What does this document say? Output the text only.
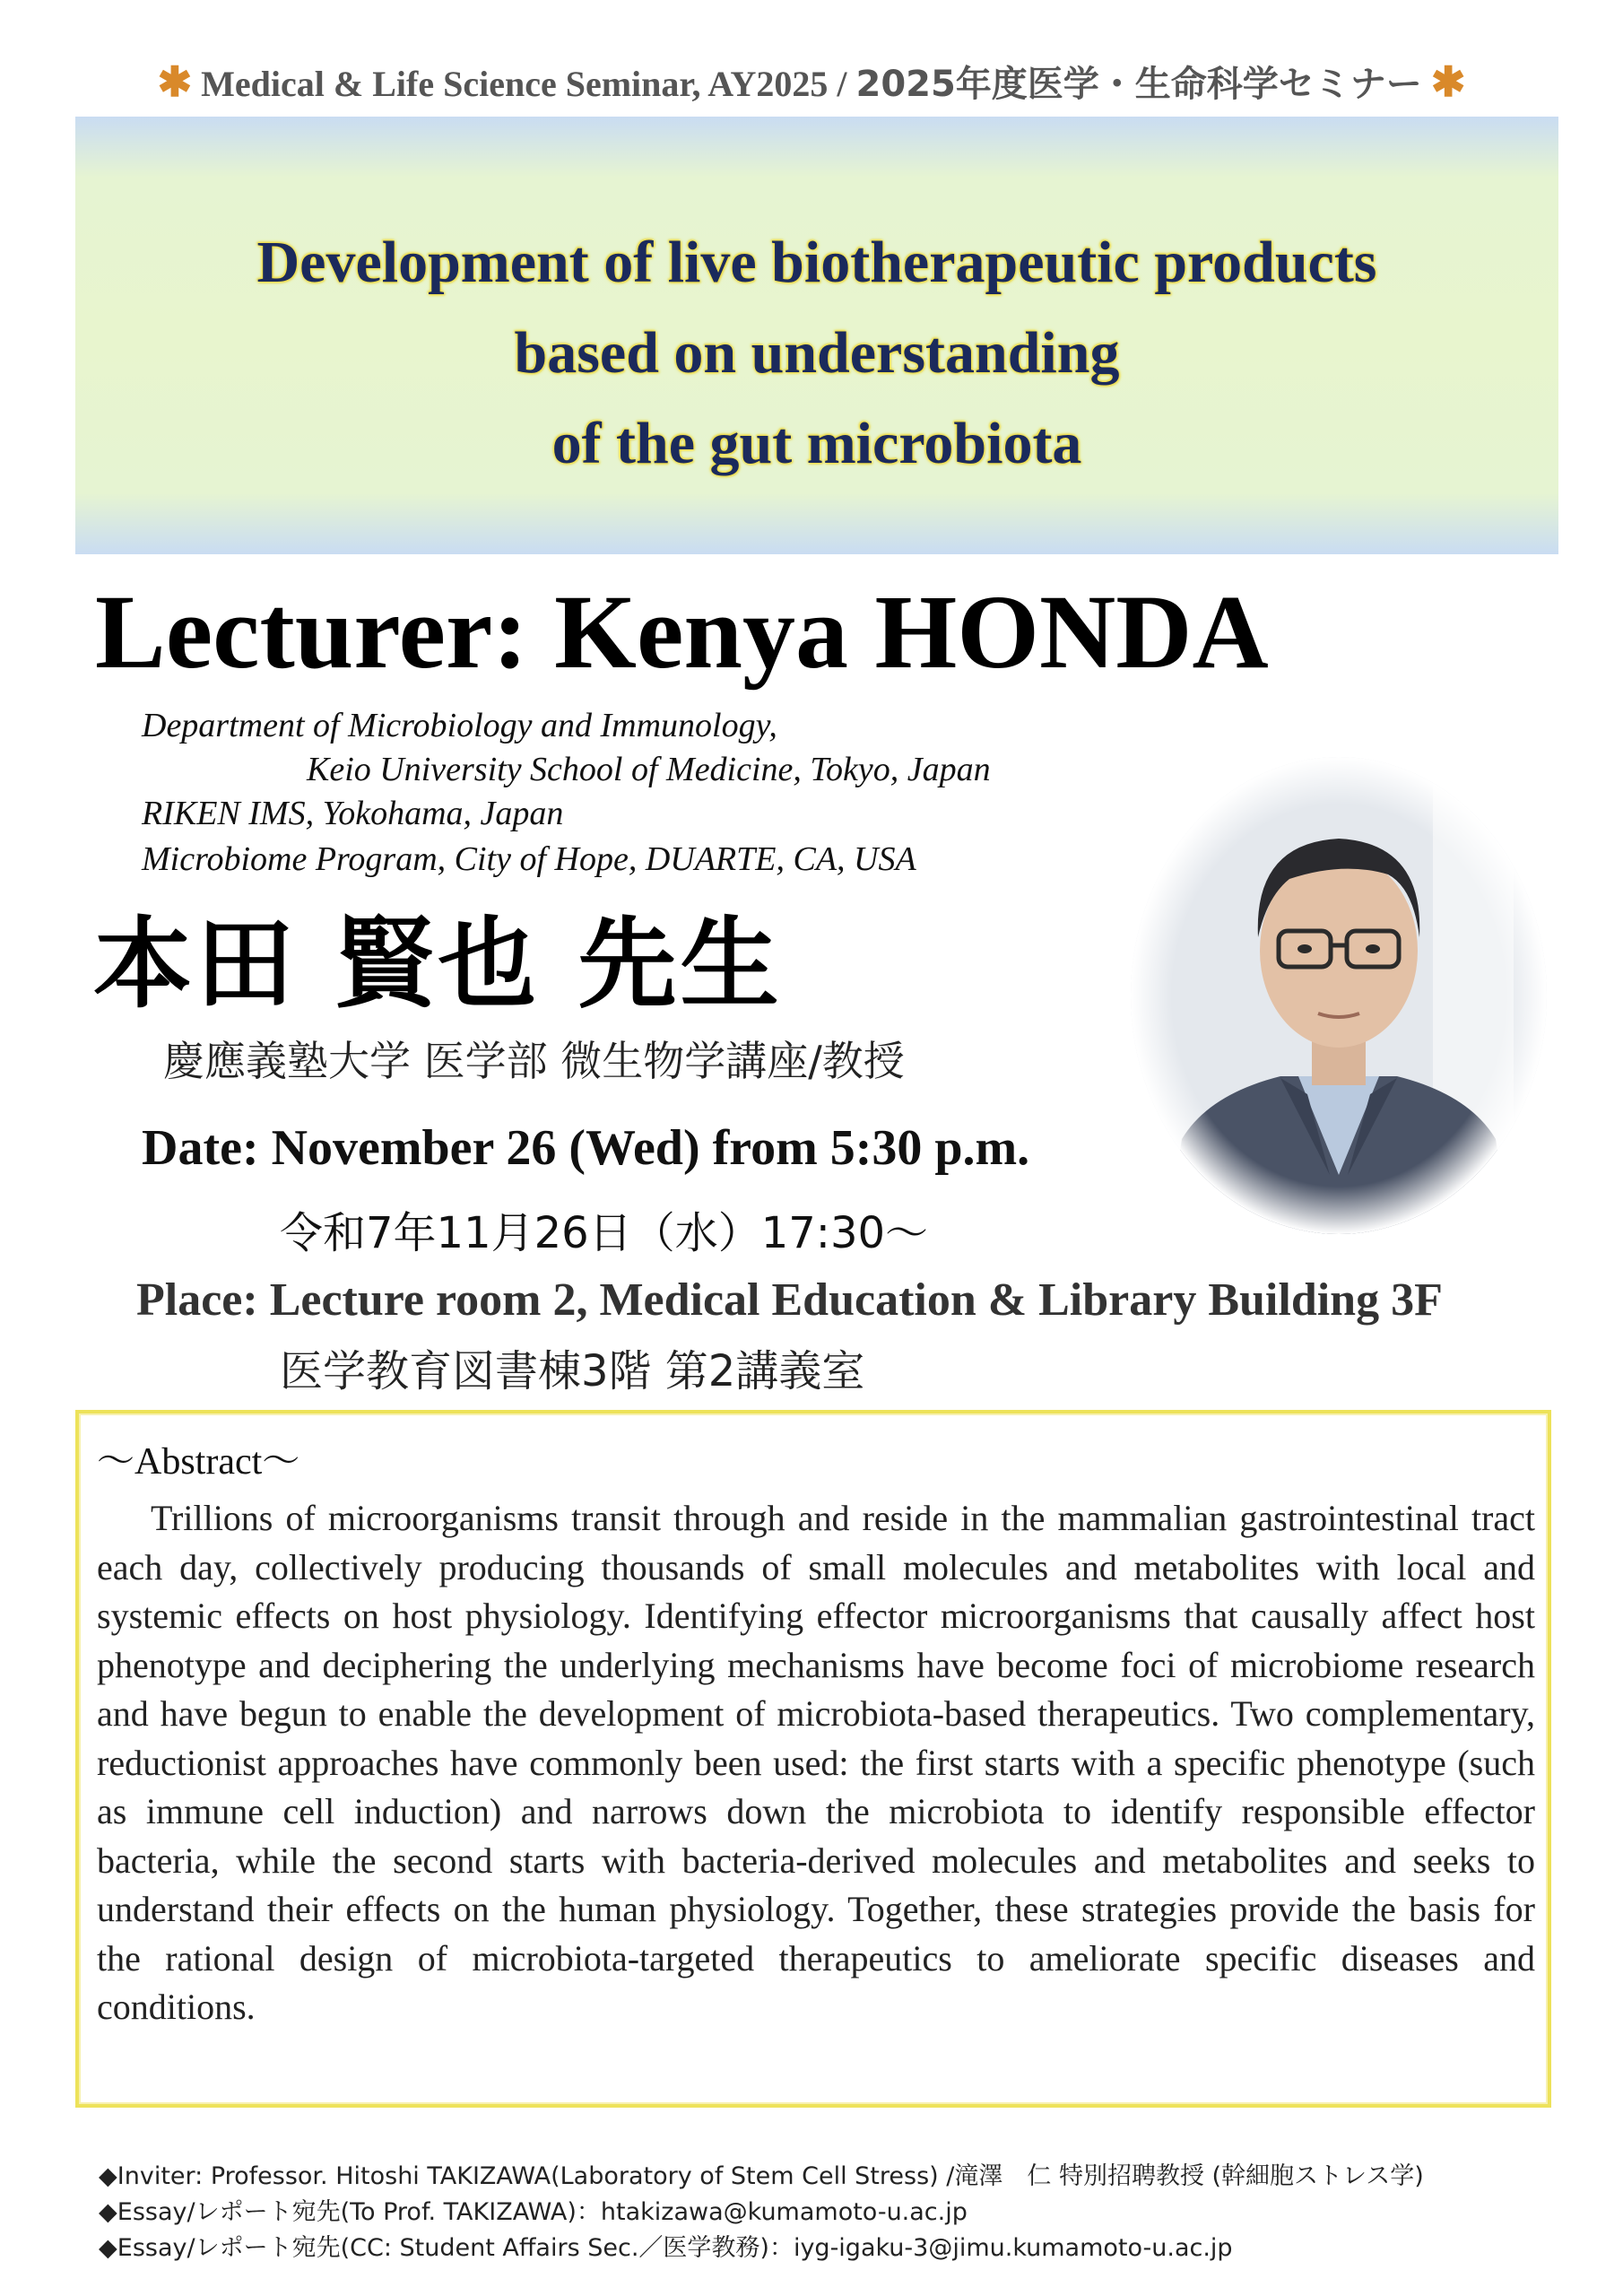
✱ Medical & Life Science Seminar, AY2025 / 2025年度医学・生命科学セミナー ✱
Development of live biotherapeutic products
based on understanding
of the gut microbiota
Lecturer: Kenya HONDA
Department of Microbiology and Immunology,
Keio University School of Medicine, Tokyo, Japan
RIKEN IMS, Yokohama, Japan
Microbiome Program, City of Hope, DUARTE, CA, USA
本田 賢也 先生
慶應義塾大学 医学部 微生物学講座/教授
Date: November 26 (Wed) from 5:30 p.m.
令和7年11月26日（水）17:30～
Place: Lecture room 2, Medical Education & Library Building 3F
医学教育図書棟3階 第2講義室
～Abstract～
Trillions of microorganisms transit through and reside in the mammalian gastrointestinal tract each day, collectively producing thousands of small molecules and metabolites with local and systemic effects on host physiology. Identifying effector microorganisms that causally affect host phenotype and deciphering the underlying mechanisms have become foci of microbiome research and have begun to enable the development of microbiota-based therapeutics. Two complementary, reductionist approaches have commonly been used: the first starts with a specific phenotype (such as immune cell induction) and narrows down the microbiota to identify responsible effector bacteria, while the second starts with bacteria-derived molecules and metabolites and seeks to understand their effects on the human physiology. Together, these strategies provide the basis for the rational design of microbiota-targeted therapeutics to ameliorate specific diseases and conditions.
◆Inviter: Professor. Hitoshi TAKIZAWA(Laboratory of Stem Cell Stress) /滝澤　仁 特別招聘教授 (幹細胞ストレス学)
◆Essay/レポート宛先(To Prof. TAKIZAWA)：htakizawa@kumamoto-u.ac.jp
◆Essay/レポート宛先(CC: Student Affairs Sec.／医学教務)：iyg-igaku-3@jimu.kumamoto-u.ac.jp
